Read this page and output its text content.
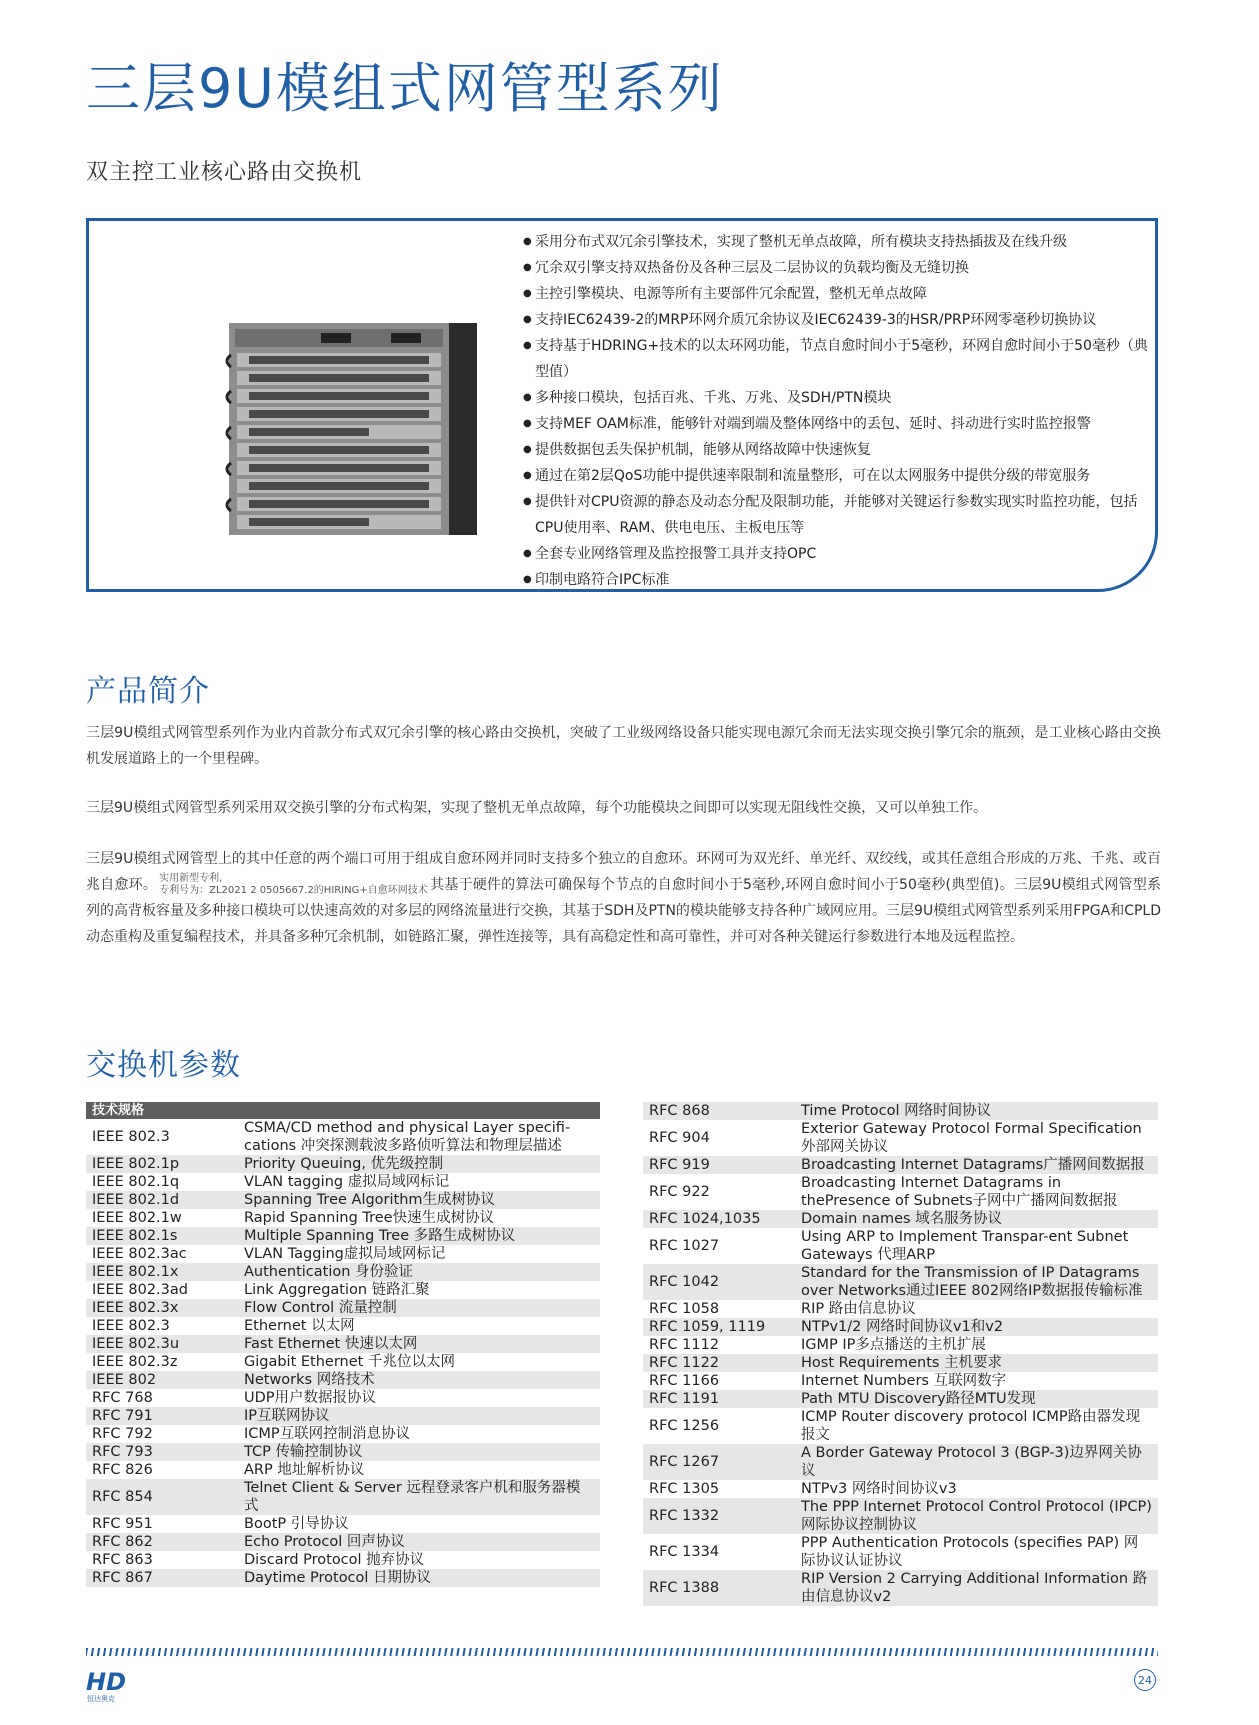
三层9U模组式网管型系列
双主控工业核心路由交换机
● 采用分布式双冗余引擎技术，实现了整机无单点故障，所有模块支持热插拔及在线升级
● 冗余双引擎支持双热备份及各种三层及二层协议的负载均衡及无缝切换
● 主控引擎模块、电源等所有主要部件冗余配置，整机无单点故障
● 支持IEC62439-2的MRP环网介质冗余协议及IEC62439-3的HSR/PRP环网零毫秒切换协议
● 支持基于HDRING+技术的以太环网功能，节点自愈时间小于5毫秒，环网自愈时间小于50毫秒（典型值）
● 多种接口模块，包括百兆、千兆、万兆、及SDH/PTN模块
● 支持MEF OAM标准，能够针对端到端及整体网络中的丢包、延时、抖动进行实时监控报警
● 提供数据包丢失保护机制，能够从网络故障中快速恢复
● 通过在第2层QoS功能中提供速率限制和流量整形，可在以太网服务中提供分级的带宽服务
● 提供针对CPU资源的静态及动态分配及限制功能，并能够对关键运行参数实现实时监控功能，包括CPU使用率、RAM、供电电压、主板电压等
● 全套专业网络管理及监控报警工具并支持OPC
● 印制电路符合IPC标准
产品简介

三层9U模组式网管型系列作为业内首款分布式双冗余引擎的核心路由交换机，突破了工业级网络设备只能实现电源冗余而无法实现交换引擎冗余的瓶颈，是工业核心路由交换机发展道路上的一个里程碑。

三层9U模组式网管型系列采用双交换引擎的分布式构架，实现了整机无单点故障，每个功能模块之间即可以实现无阻线性交换，又可以单独工作。

三层9U模组式网管型上的其中任意的两个端口可用于组成自愈环网并同时支持多个独立的自愈环。环网可为双光纤、单光纤、双绞线，或其任意组合形成的万兆、千兆、或百兆自愈环。 实用新型专利,
专利号为：ZL2021 2 0505667.2的HIRING+自愈环网技术 其基于硬件的算法可确保每个节点的自愈时间小于5毫秒,环网自愈时间小于50毫秒(典型值)。三层9U模组式网管型系列的高背板容量及多种接口模块可以快速高效的对多层的网络流量进行交换，其基于SDH及PTN的模块能够支持各种广域网应用。三层9U模组式网管型系列采用FPGA和CPLD动态重构及重复编程技术，并具备多种冗余机制，如链路汇聚，弹性连接等，具有高稳定性和高可靠性，并可对各种关键运行参数进行本地及远程监控。

交换机参数
技术规格	
IEEE 802.3	CSMA/CD method and physical Layer specifi-cations 冲突探测载波多路侦听算法和物理层描述
IEEE 802.1p	Priority Queuing, 优先级控制
IEEE 802.1q	VLAN tagging 虚拟局域网标记
IEEE 802.1d	Spanning Tree Algorithm生成树协议
IEEE 802.1w	Rapid Spanning Tree快速生成树协议
IEEE 802.1s	Multiple Spanning Tree 多路生成树协议
IEEE 802.3ac	VLAN Tagging虚拟局域网标记
IEEE 802.1x	Authentication 身份验证
IEEE 802.3ad	Link Aggregation 链路汇聚
IEEE 802.3x	Flow Control 流量控制
IEEE 802.3	Ethernet 以太网
IEEE 802.3u	Fast Ethernet 快速以太网
IEEE 802.3z	Gigabit Ethernet 千兆位以太网
IEEE 802	Networks 网络技术
RFC 768	UDP用户数据报协议
RFC 791	IP互联网协议
RFC 792	ICMP互联网控制消息协议
RFC 793	TCP 传输控制协议
RFC 826	ARP 地址解析协议
RFC 854	Telnet Client & Server 远程登录客户机和服务器模式
RFC 951	BootP 引导协议
RFC 862	Echo Protocol 回声协议
RFC 863	Discard Protocol 抛弃协议
RFC 867	Daytime Protocol 日期协议
RFC 868	Time Protocol 网络时间协议
RFC 904	Exterior Gateway Protocol Formal Specification 外部网关协议
RFC 919	Broadcasting Internet Datagrams广播网间数据报
RFC 922	Broadcasting Internet Datagrams in thePresence of Subnets子网中广播网间数据报
RFC 1024,1035	Domain names 域名服务协议
RFC 1027	Using ARP to Implement Transpar-ent Subnet Gateways 代理ARP
RFC 1042	Standard for the Transmission of IP Datagrams over Networks通过IEEE 802网络IP数据报传输标准
RFC 1058	RIP 路由信息协议
RFC 1059, 1119	NTPv1/2 网络时间协议v1和v2
RFC 1112	IGMP IP多点播送的主机扩展
RFC 1122	Host Requirements 主机要求
RFC 1166	Internet Numbers 互联网数字
RFC 1191	Path MTU Discovery路径MTU发现
RFC 1256	ICMP Router discovery protocol ICMP路由器发现报文
RFC 1267	A Border Gateway Protocol 3 (BGP-3)边界网关协议
RFC 1305	NTPv3 网络时间协议v3
RFC 1332	The PPP Internet Protocol Control Protocol (IPCP) 网际协议控制协议
RFC 1334	PPP Authentication Protocols (specifies PAP) 网际协议认证协议
RFC 1388	RIP Version 2 Carrying Additional Information 路由信息协议v2
HD
恒达奥克
24
